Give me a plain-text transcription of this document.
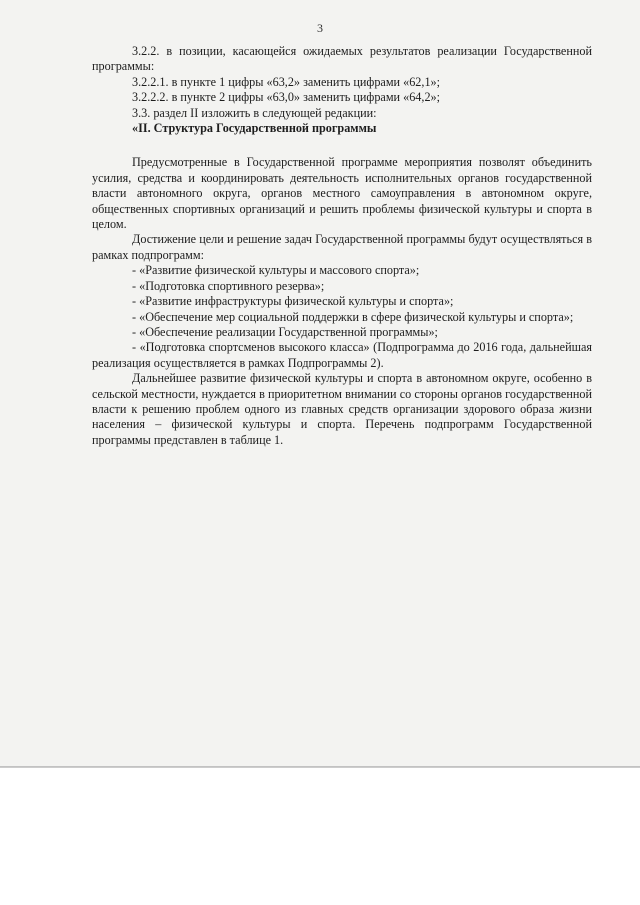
3

3.2.2. в позиции, касающейся ожидаемых результатов реализации Государственной программы:

3.2.2.1. в пункте 1 цифры «63,2» заменить цифрами «62,1»;

3.2.2.2. в пункте 2 цифры «63,0» заменить цифрами «64,2»;

3.3. раздел II изложить в следующей редакции:

«II. Структура Государственной программы

Предусмотренные в Государственной программе мероприятия позволят объединить усилия, средства и координировать деятельность исполнительных органов государственной власти автономного округа, органов местного самоуправления в автономном округе, общественных спортивных организаций и решить проблемы физической культуры и спорта в целом.

Достижение цели и решение задач Государственной программы будут осуществляться в рамках подпрограмм:

- «Развитие физической культуры и массового спорта»;

- «Подготовка спортивного резерва»;

- «Развитие инфраструктуры физической культуры и спорта»;

- «Обеспечение мер социальной поддержки в сфере физической культуры и спорта»;

- «Обеспечение реализации Государственной программы»;

- «Подготовка спортсменов высокого класса» (Подпрограмма до 2016 года, дальнейшая реализация осуществляется в рамках Подпрограммы 2).

Дальнейшее развитие физической культуры и спорта в автономном округе, особенно в сельской местности, нуждается в приоритетном внимании со стороны органов государственной власти к решению проблем одного из главных средств организации здорового образа жизни населения – физической культуры и спорта. Перечень подпрограмм Государственной программы представлен в таблице 1.
